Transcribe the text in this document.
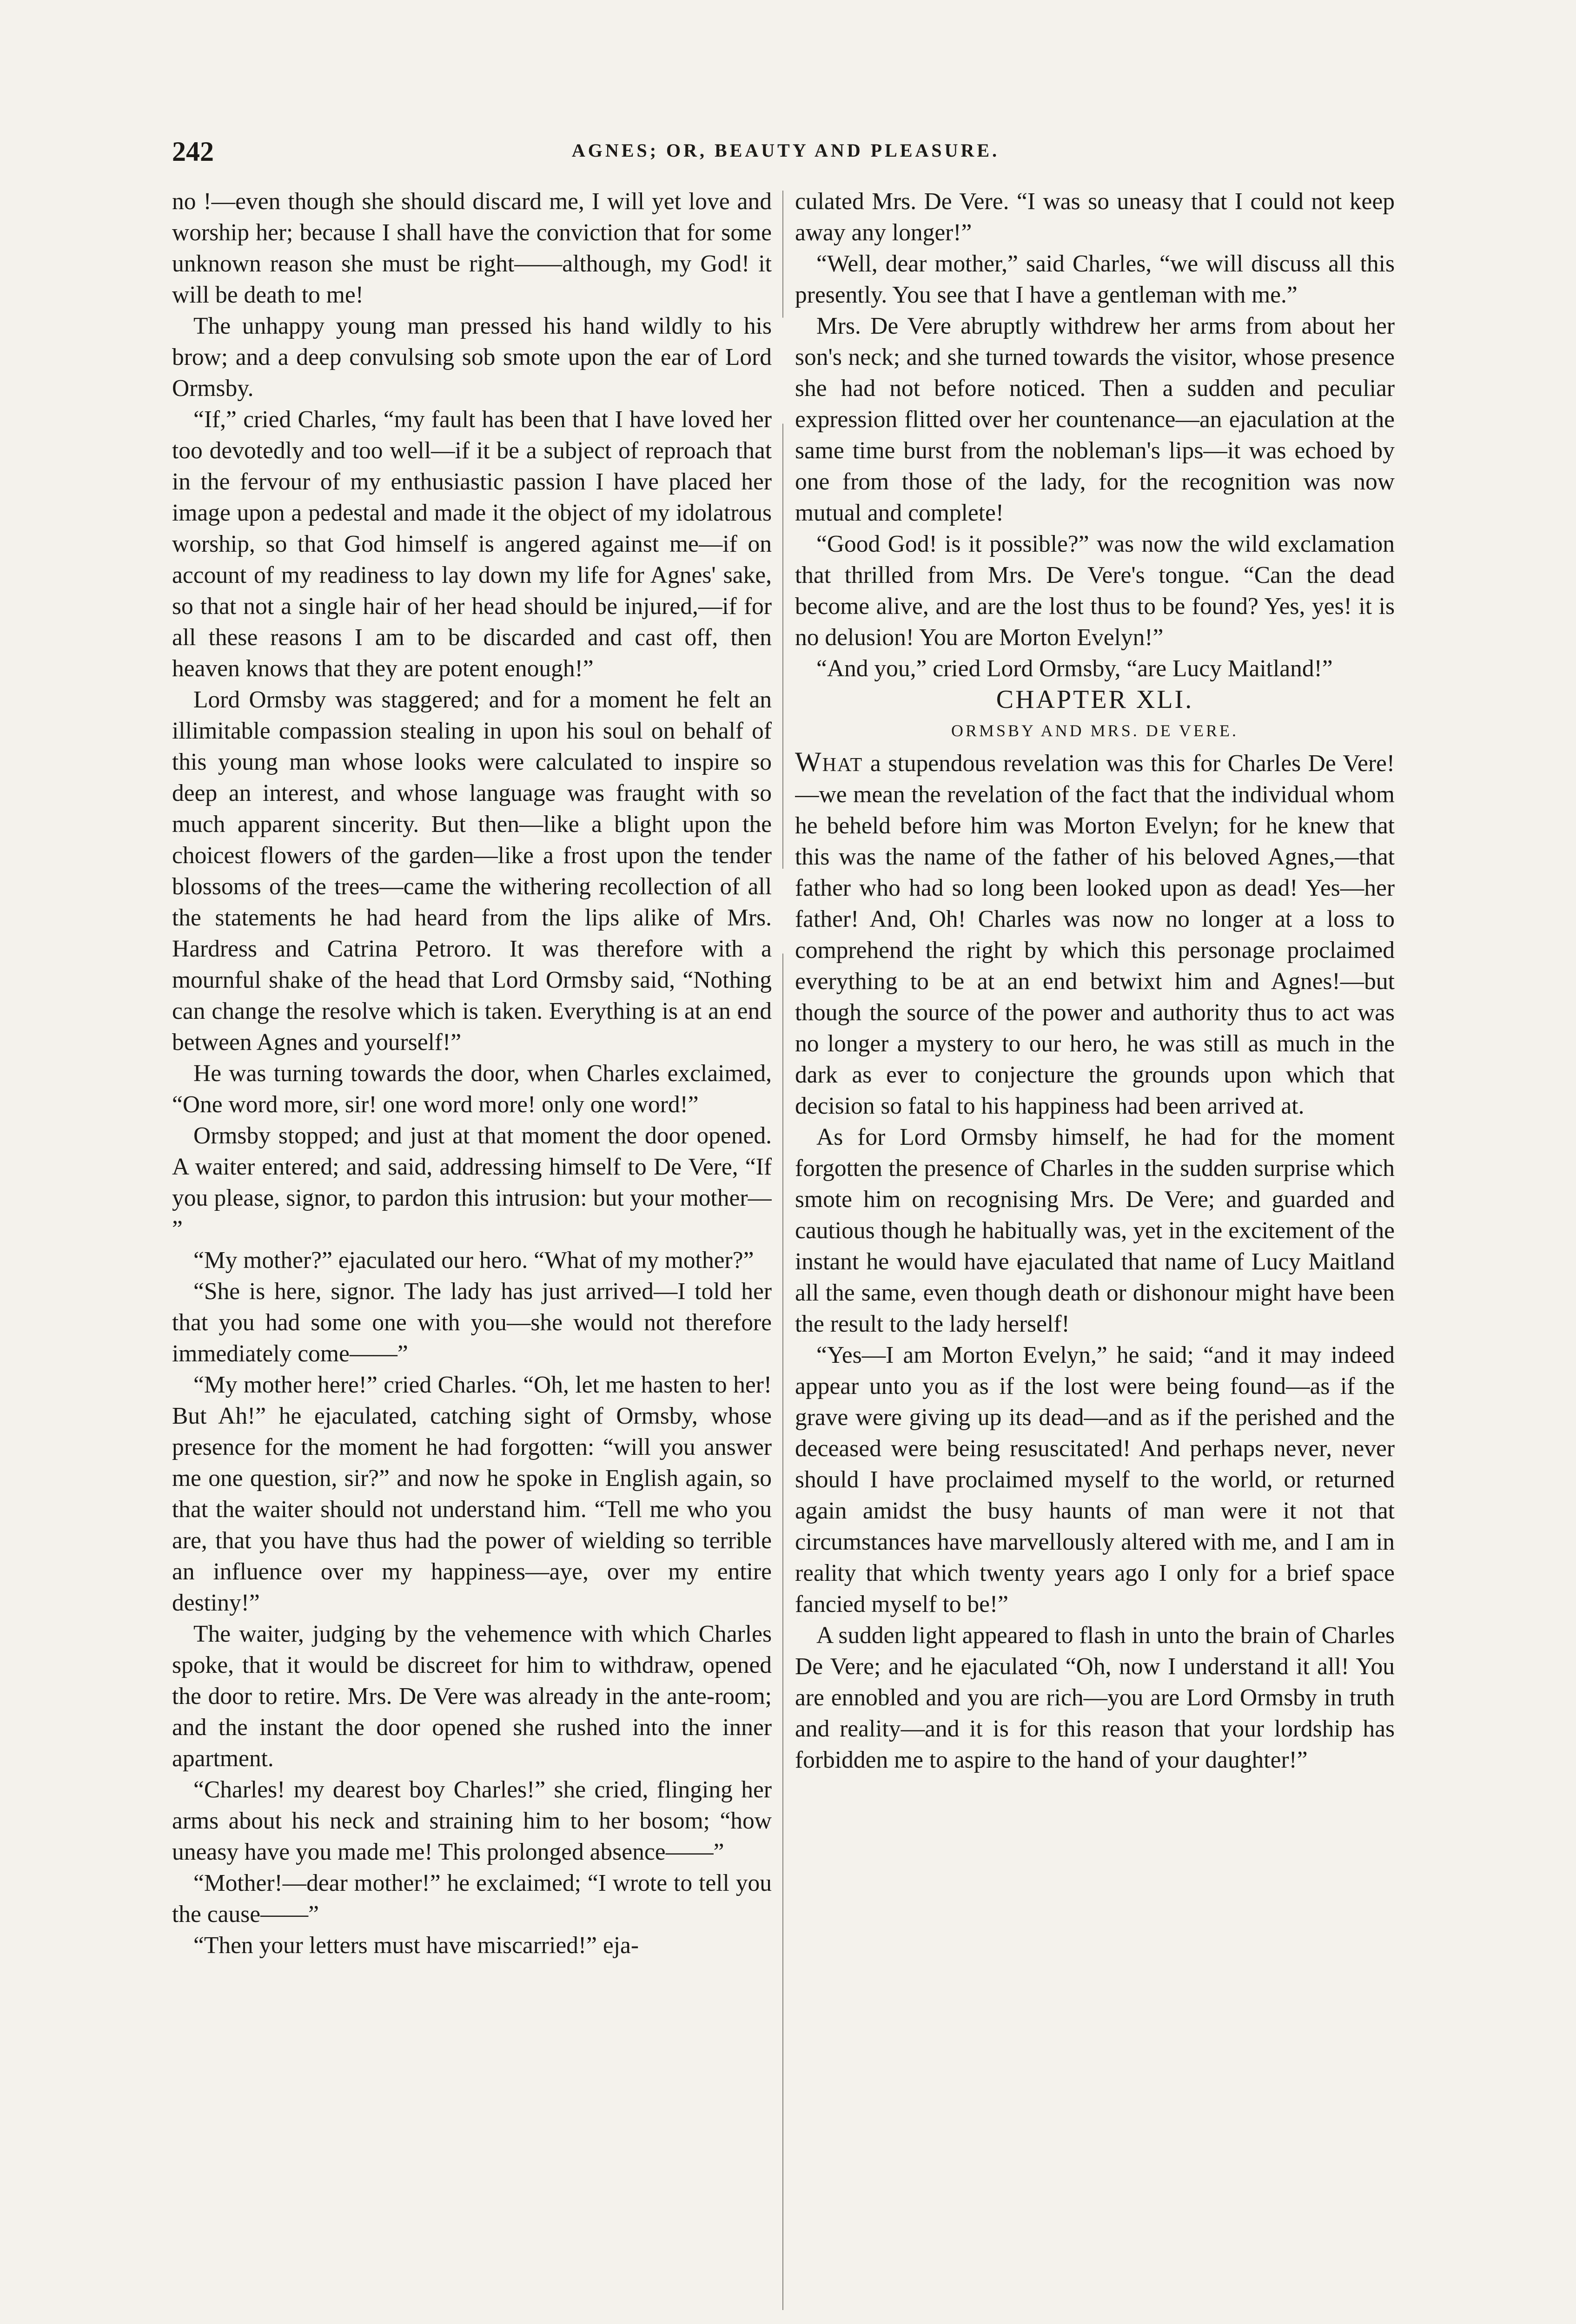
242	AGNES; OR, BEAUTY AND PLEASURE.

no !—even though she should discard me, I will yet love and worship her; because I shall have the conviction that for some unknown reason she must be right——although, my God! it will be death to me!

The unhappy young man pressed his hand wildly to his brow; and a deep convulsing sob smote upon the ear of Lord Ormsby.

“If,” cried Charles, “my fault has been that I have loved her too devotedly and too well—if it be a subject of reproach that in the fervour of my enthusiastic passion I have placed her image upon a pedestal and made it the object of my idolatrous worship, so that God himself is angered against me—if on account of my readiness to lay down my life for Agnes' sake, so that not a single hair of her head should be injured,—if for all these reasons I am to be discarded and cast off, then heaven knows that they are potent enough!”

Lord Ormsby was staggered; and for a moment he felt an illimitable compassion stealing in upon his soul on behalf of this young man whose looks were calculated to inspire so deep an interest, and whose language was fraught with so much apparent sincerity. But then—like a blight upon the choicest flowers of the garden—like a frost upon the tender blossoms of the trees—came the withering recollection of all the statements he had heard from the lips alike of Mrs. Hardress and Catrina Petroro. It was therefore with a mournful shake of the head that Lord Ormsby said, “Nothing can change the resolve which is taken. Everything is at an end between Agnes and yourself!”

He was turning towards the door, when Charles exclaimed, “One word more, sir! one word more! only one word!”

Ormsby stopped; and just at that moment the door opened. A waiter entered; and said, addressing himself to De Vere, “If you please, signor, to pardon this intrusion: but your mother— ”

“My mother?” ejaculated our hero. “What of my mother?”

“She is here, signor. The lady has just arrived—I told her that you had some one with you—she would not therefore immediately come——”

“My mother here!” cried Charles. “Oh, let me hasten to her! But Ah!” he ejaculated, catching sight of Ormsby, whose presence for the moment he had forgotten: “will you answer me one question, sir?” and now he spoke in English again, so that the waiter should not understand him. “Tell me who you are, that you have thus had the power of wielding so terrible an influence over my happiness—aye, over my entire destiny!”

The waiter, judging by the vehemence with which Charles spoke, that it would be discreet for him to withdraw, opened the door to retire. Mrs. De Vere was already in the ante-room; and the instant the door opened she rushed into the inner apartment.

“Charles! my dearest boy Charles!” she cried, flinging her arms about his neck and straining him to her bosom; “how uneasy have you made me! This prolonged absence——”

“Mother!—dear mother!” he exclaimed; “I wrote to tell you the cause——”

“Then your letters must have miscarried!” eja-

culated Mrs. De Vere. “I was so uneasy that I could not keep away any longer!”

“Well, dear mother,” said Charles, “we will discuss all this presently. You see that I have a gentleman with me.”

Mrs. De Vere abruptly withdrew her arms from about her son's neck; and she turned towards the visitor, whose presence she had not before noticed. Then a sudden and peculiar expression flitted over her countenance—an ejaculation at the same time burst from the nobleman's lips—it was echoed by one from those of the lady, for the recognition was now mutual and complete!

“Good God! is it possible?” was now the wild exclamation that thrilled from Mrs. De Vere's tongue. “Can the dead become alive, and are the lost thus to be found? Yes, yes! it is no delusion! You are Morton Evelyn!”

“And you,” cried Lord Ormsby, “are Lucy Maitland!”

CHAPTER XLI.

ORMSBY AND MRS. DE VERE.

What a stupendous revelation was this for Charles De Vere!—we mean the revelation of the fact that the individual whom he beheld before him was Morton Evelyn; for he knew that this was the name of the father of his beloved Agnes,—that father who had so long been looked upon as dead! Yes—her father! And, Oh! Charles was now no longer at a loss to comprehend the right by which this personage proclaimed everything to be at an end betwixt him and Agnes!—but though the source of the power and authority thus to act was no longer a mystery to our hero, he was still as much in the dark as ever to conjecture the grounds upon which that decision so fatal to his happiness had been arrived at.

As for Lord Ormsby himself, he had for the moment forgotten the presence of Charles in the sudden surprise which smote him on recognising Mrs. De Vere; and guarded and cautious though he habitually was, yet in the excitement of the instant he would have ejaculated that name of Lucy Maitland all the same, even though death or dishonour might have been the result to the lady herself!

“Yes—I am Morton Evelyn,” he said; “and it may indeed appear unto you as if the lost were being found—as if the grave were giving up its dead—and as if the perished and the deceased were being resuscitated! And perhaps never, never should I have proclaimed myself to the world, or returned again amidst the busy haunts of man were it not that circumstances have marvellously altered with me, and I am in reality that which twenty years ago I only for a brief space fancied myself to be!”

A sudden light appeared to flash in unto the brain of Charles De Vere; and he ejaculated “Oh, now I understand it all! You are ennobled and you are rich—you are Lord Ormsby in truth and reality—and it is for this reason that your lordship has forbidden me to aspire to the hand of your daughter!”
